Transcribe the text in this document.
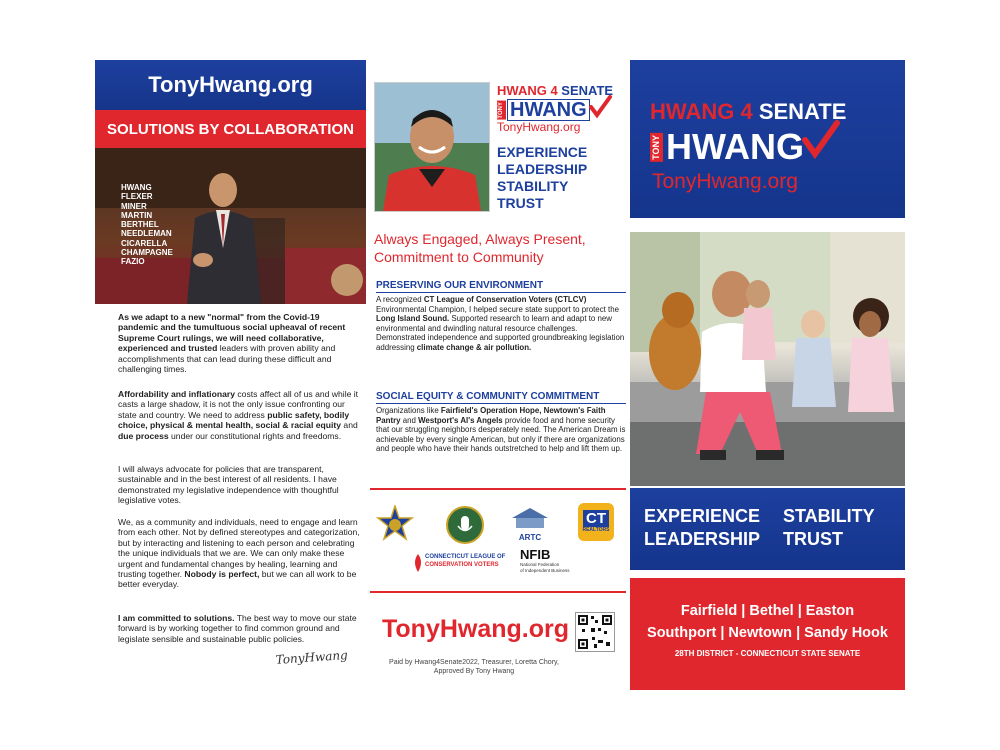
TonyHwang.org
SOLUTIONS BY COLLABORATION
HWANG
FLEXER
MINER
MARTIN
BERTHEL
NEEDLEMAN
CICARELLA
CHAMPAGNE
FAZIO

As we adapt to a new "normal" from the Covid-19 pandemic and the tumultuous social upheaval of recent Supreme Court rulings, we will need collaborative, experienced and trusted leaders with proven ability and accomplishments that can lead during these difficult and challenging times.

Affordability and inflationary costs affect all of us and while it casts a large shadow, it is not the only issue confronting our state and country. We need to address public safety, bodily choice, physical & mental health, social & racial equity and due process under our constitutional rights and freedoms.

I will always advocate for policies that are transparent, sustainable and in the best interest of all residents. I have demonstrated my legislative independence with thoughtful legislative votes.

We, as a community and individuals, need to engage and learn from each other. Not by defined stereotypes and categorization, but by interacting and listening to each person and celebrating the unique individuals that we are. We can only make these urgent and fundamental changes by healing, learning and trusting together. Nobody is perfect, but we can all work to be better everyday.

I am committed to solutions. The best way to move our state forward is by working together to find common ground and legislate sensible and sustainable public policies.

TonyHwang
HWANG 4 SENATE
TONY HWANG
TonyHwang.org
EXPERIENCE
LEADERSHIP
STABILITY
TRUST
Always Engaged, Always Present,
Commitment to Community
PRESERVING OUR ENVIRONMENT
A recognized CT League of Conservation Voters (CTLCV) Environmental Champion, I helped secure state support to protect the Long Island Sound. Supported research to learn and adapt to new environmental and dwindling natural resource challenges. Demonstrated independence and supported groundbreaking legislation addressing climate change & air pollution.
SOCIAL EQUITY & COMMUNITY COMMITMENT
Organizations like Fairfield's Operation Hope, Newtown's Faith Pantry and Westport's Al's Angels provide food and home security that our struggling neighbors desperately need. The American Dream is achievable by every single American, but only if there are organizations and people who have their hands outstretched to help and lift them up.
ARTC
CT
REALTORS
CONNECTICUT LEAGUE OF
CONSERVATION VOTERS
NFIB
National Federation
of Independent Business
TonyHwang.org
Paid by Hwang4Senate2022, Treasurer, Loretta Chory,
Approved By Tony Hwang
HWANG 4 SENATE
TONY HWANG
TonyHwang.org
EXPERIENCE STABILITY
LEADERSHIP TRUST
Fairfield | Bethel | Easton
Southport | Newtown | Sandy Hook
28TH DISTRICT - CONNECTICUT STATE SENATE
